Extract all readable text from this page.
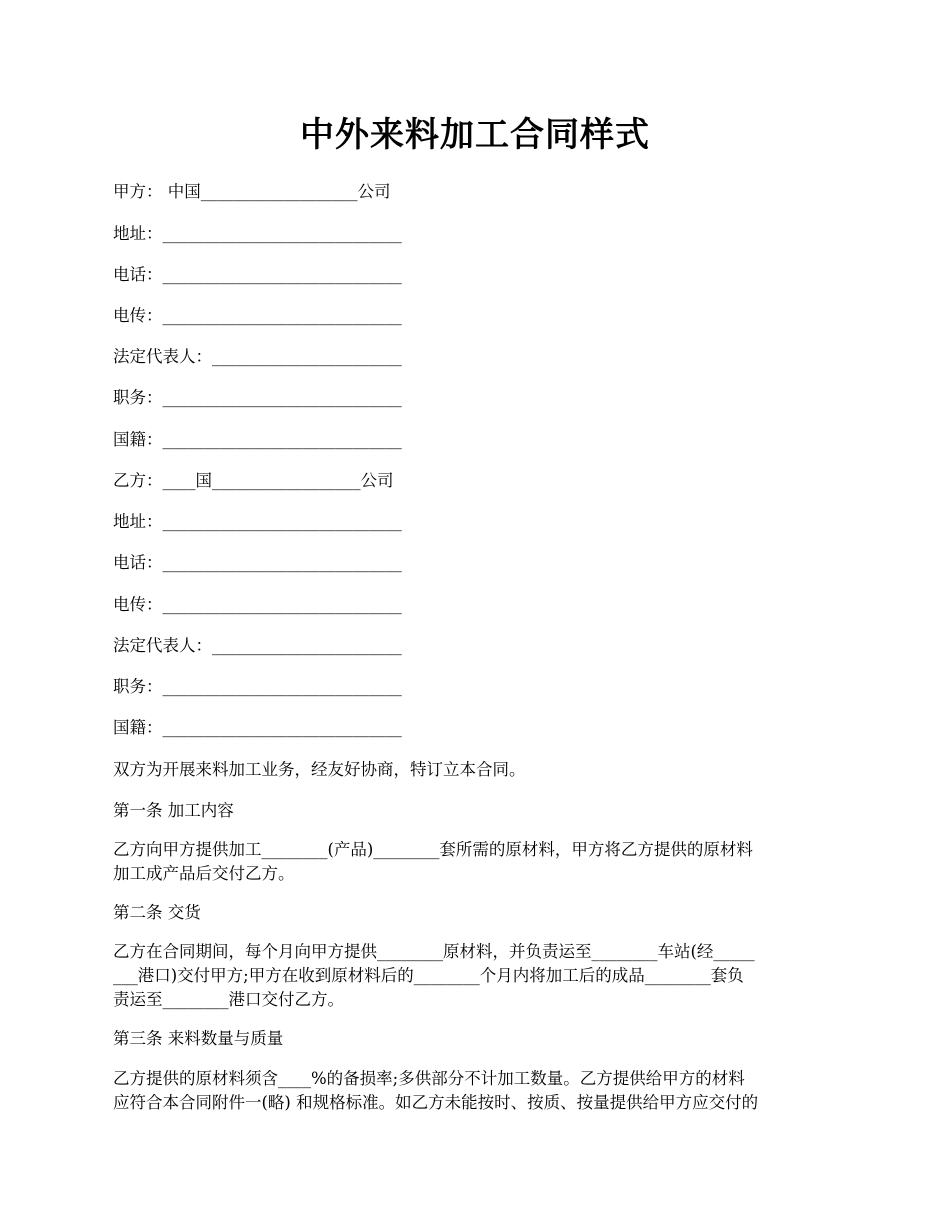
中外来料加工合同样式
甲方： 中国___________________公司
地址：_____________________________
电话：_____________________________
电传：_____________________________
法定代表人：_______________________
职务：_____________________________
国籍：_____________________________
乙方：____国__________________公司
地址：_____________________________
电话：_____________________________
电传：_____________________________
法定代表人：_______________________
职务：_____________________________
国籍：_____________________________
双方为开展来料加工业务，经友好协商，特订立本合同。
第一条 加工内容
乙方向甲方提供加工________(产品)________套所需的原材料，甲方将乙方提供的原材料
加工成产品后交付乙方。
第二条 交货
乙方在合同期间，每个月向甲方提供________原材料，并负责运至________车站(经_____
___港口)交付甲方;甲方在收到原材料后的________个月内将加工后的成品________套负
责运至________港口交付乙方。
第三条 来料数量与质量
乙方提供的原材料须含____%的备损率;多供部分不计加工数量。乙方提供给甲方的材料
应符合本合同附件一(略) 和规格标准。如乙方未能按时、按质、按量提供给甲方应交付的
